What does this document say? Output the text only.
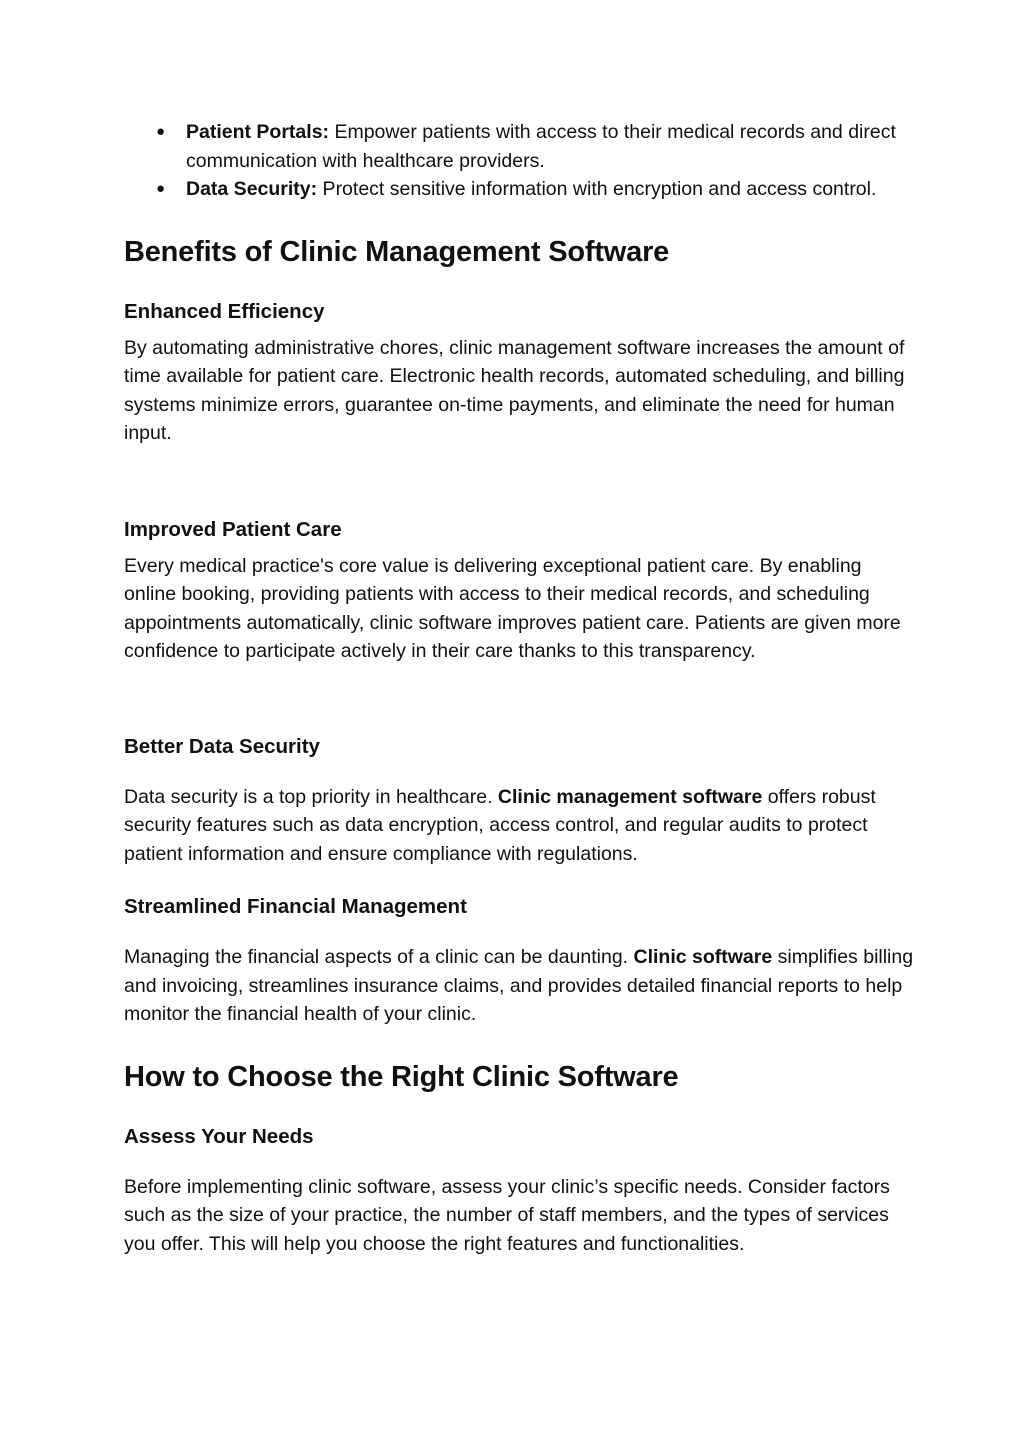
● Patient Portals: Empower patients with access to their medical records and direct communication with healthcare providers.
● Data Security: Protect sensitive information with encryption and access control.
Benefits of Clinic Management Software
Enhanced Efficiency

By automating administrative chores, clinic management software increases the amount of time available for patient care. Electronic health records, automated scheduling, and billing systems minimize errors, guarantee on-time payments, and eliminate the need for human input.

Improved Patient Care

Every medical practice's core value is delivering exceptional patient care. By enabling online booking, providing patients with access to their medical records, and scheduling appointments automatically, clinic software improves patient care. Patients are given more confidence to participate actively in their care thanks to this transparency.

Better Data Security

Data security is a top priority in healthcare. Clinic management software offers robust security features such as data encryption, access control, and regular audits to protect patient information and ensure compliance with regulations.

Streamlined Financial Management

Managing the financial aspects of a clinic can be daunting. Clinic software simplifies billing and invoicing, streamlines insurance claims, and provides detailed financial reports to help monitor the financial health of your clinic.

How to Choose the Right Clinic Software
Assess Your Needs

Before implementing clinic software, assess your clinic’s specific needs. Consider factors such as the size of your practice, the number of staff members, and the types of services you offer. This will help you choose the right features and functionalities.
